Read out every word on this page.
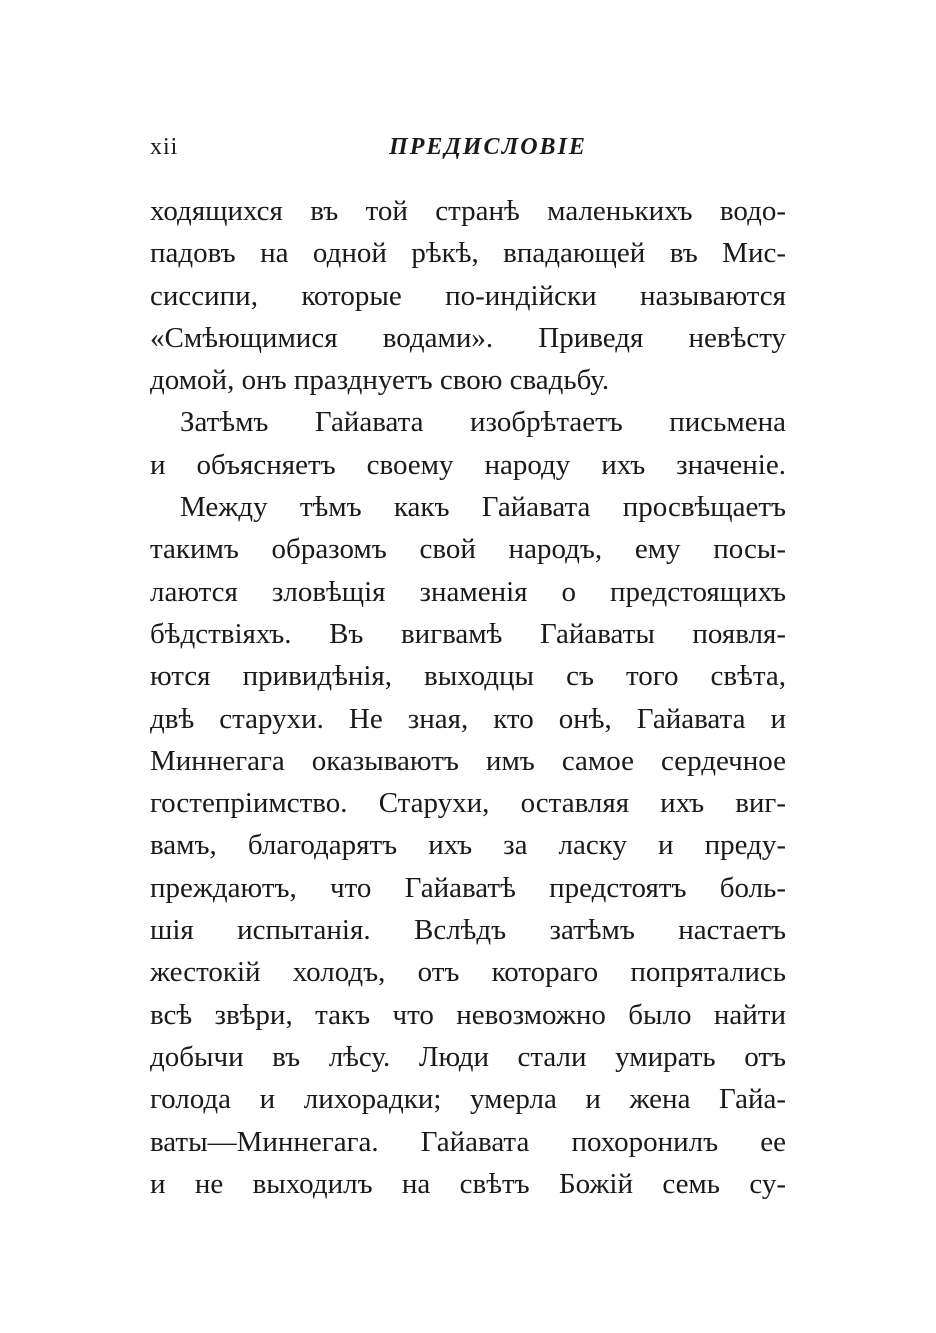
xii	ПРЕДИСЛОВІЕ
ходящихся въ той странѣ маленькихъ водо-
падовъ на одной рѣкѣ, впадающей въ Мис-
сиссипи, которые по-индійски называются
«Смѣющимися водами». Приведя невѣсту
домой, онъ празднуетъ свою свадьбу.
Затѣмъ Гайавата изобрѣтаетъ письмена
и объясняетъ своему народу ихъ значеніе.
Между тѣмъ какъ Гайавата просвѣщаетъ
такимъ образомъ свой народъ, ему посы-
лаются зловѣщія знаменія о предстоящихъ
бѣдствіяхъ. Въ вигвамѣ Гайаваты появля-
ются привидѣнія, выходцы съ того свѣта,
двѣ старухи. Не зная, кто онѣ, Гайавата и
Миннегага оказываютъ имъ самое сердечное
гостепріимство. Старухи, оставляя ихъ виг-
вамъ, благодарятъ ихъ за ласку и преду-
преждаютъ, что Гайаватѣ предстоятъ боль-
шія испытанія. Вслѣдъ затѣмъ настаетъ
жестокій холодъ, отъ котораго попрятались
всѣ звѣри, такъ что невозможно было найти
добычи въ лѣсу. Люди стали умирать отъ
голода и лихорадки; умерла и жена Гайа-
ваты—Миннегага. Гайавата похоронилъ ее
и не выходилъ на свѣтъ Божій семь су-
